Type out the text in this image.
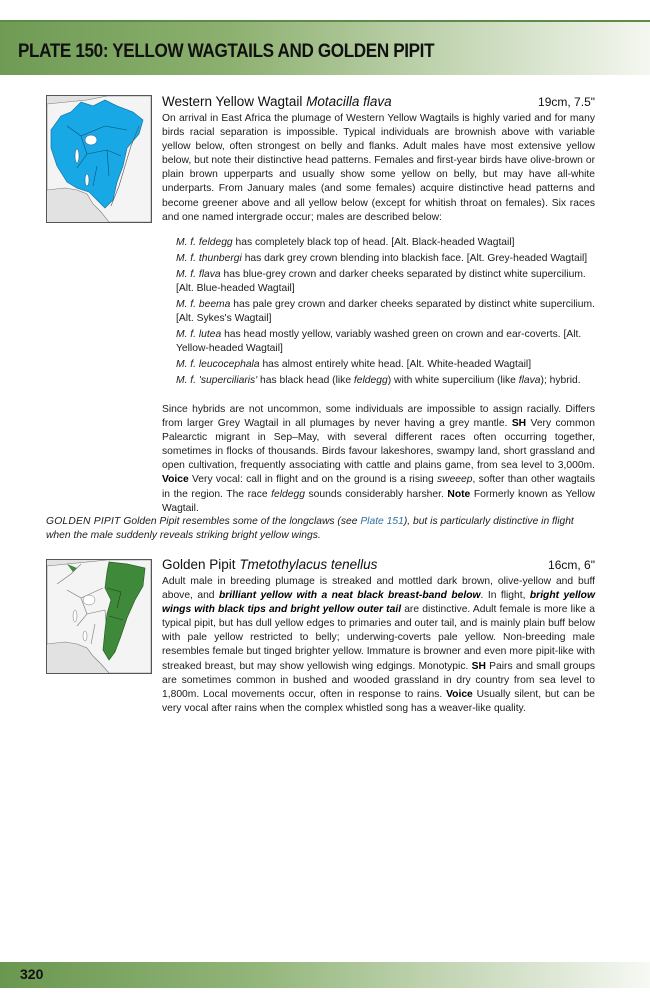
PLATE 150: YELLOW WAGTAILS AND GOLDEN PIPIT
Western Yellow Wagtail Motacilla flava	19cm, 7.5"
On arrival in East Africa the plumage of Western Yellow Wagtails is highly varied and for many birds racial separation is impossible. Typical individuals are brownish above with variable yellow below, often strongest on belly and flanks. Adult males have most extensive yellow below, but note their distinctive head patterns. Females and first-year birds have olive-brown or plain brown upperparts and usually show some yellow on belly, but may have all-white underparts. From January males (and some females) acquire distinctive head patterns and become greener above and all yellow below (except for whitish throat on females). Six races and one named intergrade occur; males are described below:
M. f. feldegg has completely black top of head. [Alt. Black-headed Wagtail]
M. f. thunbergi has dark grey crown blending into blackish face. [Alt. Grey-headed Wagtail]
M. f. flava has blue-grey crown and darker cheeks separated by distinct white supercilium. [Alt. Blue-headed Wagtail]
M. f. beema has pale grey crown and darker cheeks separated by distinct white supercilium. [Alt. Sykes's Wagtail]
M. f. lutea has head mostly yellow, variably washed green on crown and ear-coverts. [Alt. Yellow-headed Wagtail]
M. f. leucocephala has almost entirely white head. [Alt. White-headed Wagtail]
M. f. 'superciliaris' has black head (like feldegg) with white supercilium (like flava); hybrid.
Since hybrids are not uncommon, some individuals are impossible to assign racially. Differs from larger Grey Wagtail in all plumages by never having a grey mantle. SH Very common Palearctic migrant in Sep–May, with several different races often occurring together, sometimes in flocks of thousands. Birds favour lakeshores, swampy land, short grassland and open cultivation, frequently associating with cattle and plains game, from sea level to 3,000m. Voice Very vocal: call in flight and on the ground is a rising sweeep, softer than other wagtails in the region. The race feldegg sounds considerably harsher. Note Formerly known as Yellow Wagtail.
GOLDEN PIPIT Golden Pipit resembles some of the longclaws (see Plate 151), but is particularly distinctive in flight when the male suddenly reveals striking bright yellow wings.
Golden Pipit Tmetothylacus tenellus	16cm, 6"
Adult male in breeding plumage is streaked and mottled dark brown, olive-yellow and buff above, and brilliant yellow with a neat black breast-band below. In flight, bright yellow wings with black tips and bright yellow outer tail are distinctive. Adult female is more like a typical pipit, but has dull yellow edges to primaries and outer tail, and is mainly plain buff below with pale yellow restricted to belly; underwing-coverts pale yellow. Non-breeding male resembles female but tinged brighter yellow. Immature is browner and even more pipit-like with streaked breast, but may show yellowish wing edgings. Monotypic. SH Pairs and small groups are sometimes common in bushed and wooded grassland in dry country from sea level to 1,800m. Local movements occur, often in response to rains. Voice Usually silent, but can be very vocal after rains when the complex whistled song has a weaver-like quality.
320
